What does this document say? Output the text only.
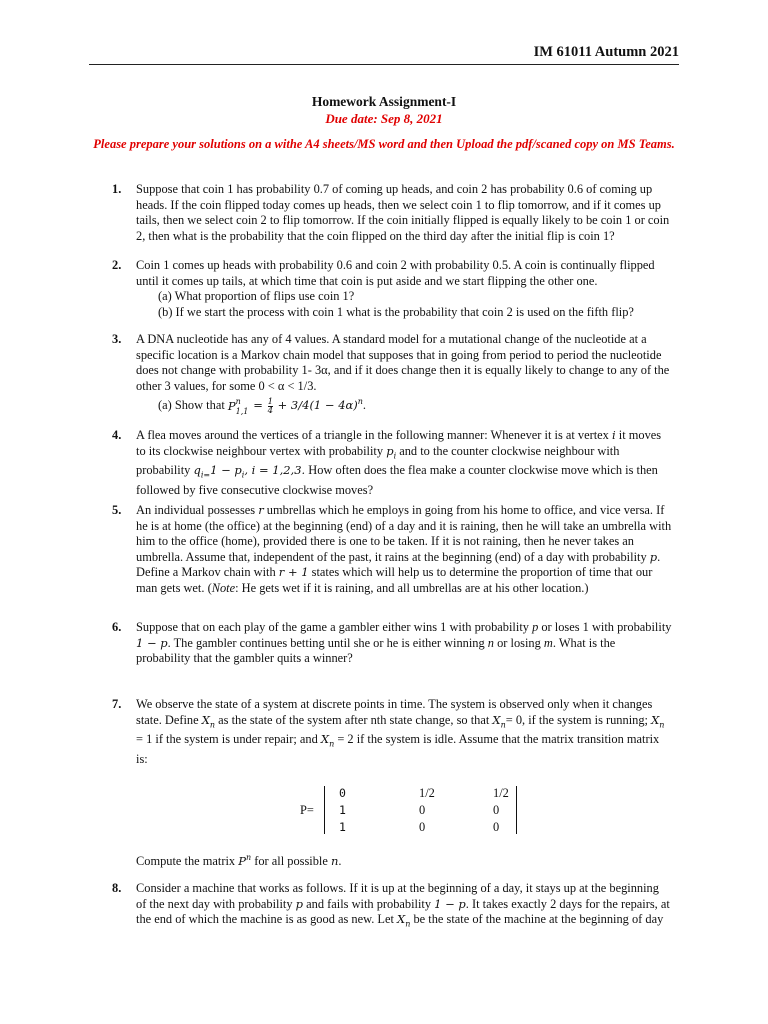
IM 61011 Autumn 2021
Homework Assignment-I
Due date: Sep 8, 2021
Please prepare your solutions on a withe A4 sheets/MS word and then Upload the pdf/scaned copy on MS Teams.
1. Suppose that coin 1 has probability 0.7 of coming up heads, and coin 2 has probability 0.6 of coming up heads. If the coin flipped today comes up heads, then we select coin 1 to flip tomorrow, and if it comes up tails, then we select coin 2 to flip tomorrow. If the coin initially flipped is equally likely to be coin 1 or coin 2, then what is the probability that the coin flipped on the third day after the initial flip is coin 1?
2. Coin 1 comes up heads with probability 0.6 and coin 2 with probability 0.5. A coin is continually flipped until it comes up tails, at which time that coin is put aside and we start flipping the other one.
(a) What proportion of flips use coin 1?
(b) If we start the process with coin 1 what is the probability that coin 2 is used on the fifth flip?
3. A DNA nucleotide has any of 4 values. A standard model for a mutational change of the nucleotide at a specific location is a Markov chain model that supposes that in going from period to period the nucleotide does not change with probability 1- 3α, and if it does change then it is equally likely to change to any of the other 3 values, for some 0 < α < 1/3.
(a) Show that P n
$1,1 = \frac{1}{4} + 3/4(1 - 4\alpha)^n$.
4. A flea moves around the vertices of a triangle in the following manner: Whenever it is at vertex i it moves to its clockwise neighbour vertex with probability $p_i$ and to the counter clockwise neighbour with probability $q_{i=}1 - p_i$, i = 1,2,3. How often does the flea make a counter clockwise move which is then followed by five consecutive clockwise moves?
5. An individual possesses r umbrellas which he employs in going from his home to office, and vice versa. If he is at home (the office) at the beginning (end) of a day and it is raining, then he will take an umbrella with him to the office (home), provided there is one to be taken. If it is not raining, then he never takes an umbrella. Assume that, independent of the past, it rains at the beginning (end) of a day with probability p. Define a Markov chain with r + 1 states which will help us to determine the proportion of time that our man gets wet. (Note: He gets wet if it is raining, and all umbrellas are at his other location.)
6. Suppose that on each play of the game a gambler either wins 1 with probability p or loses 1 with probability 1 − p. The gambler continues betting until she or he is either winning n or losing m. What is the probability that the gambler quits a winner?
7. We observe the state of a system at discrete points in time. The system is observed only when it changes state. Define $X_n$ as the state of the system after nth state change, so that $X_n= 0$, if the system is running; $X_n = 1$ if the system is under repair; and $X_n = 2$ if the system is idle. Assume that the matrix transition matrix is:
P=
0	1/2	1/2
1	0	0
1	0	0
Compute the matrix $P^n$ for all possible n.
8. Consider a machine that works as follows. If it is up at the beginning of a day, it stays up at the beginning of the next day with probability p and fails with probability 1 − p. It takes exactly 2 days for the repairs, at the end of which the machine is as good as new. Let $X_n$ be the state of the machine at the beginning of day
